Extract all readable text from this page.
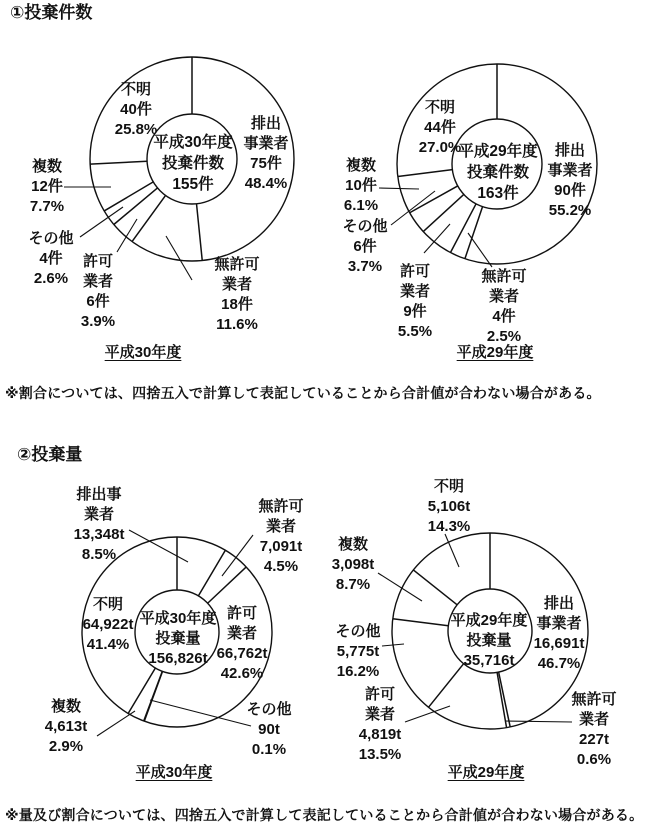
①投棄件数
②投棄量
※割合については、四捨五入で計算して表記していることから合計値が合わない場合がある。
※量及び割合については、四捨五入で計算して表記していることから合計値が合わない場合がある。
排出
事業者
75件
48.4%
無許可
業者
18件
11.6%
許可
業者
6件
3.9%
その他
4件
2.6%
複数
12件
7.7%
不明
40件
25.8%
平成30年度
投棄件数
155件
平成30年度
排出
事業者
90件
55.2%
無許可
業者
4件
2.5%
許可
業者
9件
5.5%
その他
6件
3.7%
複数
10件
6.1%
不明
44件
27.0%
平成29年度
投棄件数
163件
平成29年度
排出事
業者
13,348t
8.5%
無許可
業者
7,091t
4.5%
許可
業者
66,762t
42.6%
その他
90t
0.1%
複数
4,613t
2.9%
不明
64,922t
41.4%
平成30年度
投棄量
156,826t
平成30年度
排出
事業者
16,691t
46.7%
無許可
業者
227t
0.6%
許可
業者
4,819t
13.5%
その他
5,775t
16.2%
複数
3,098t
8.7%
不明
5,106t
14.3%
平成29年度
投棄量
35,716t
平成29年度
